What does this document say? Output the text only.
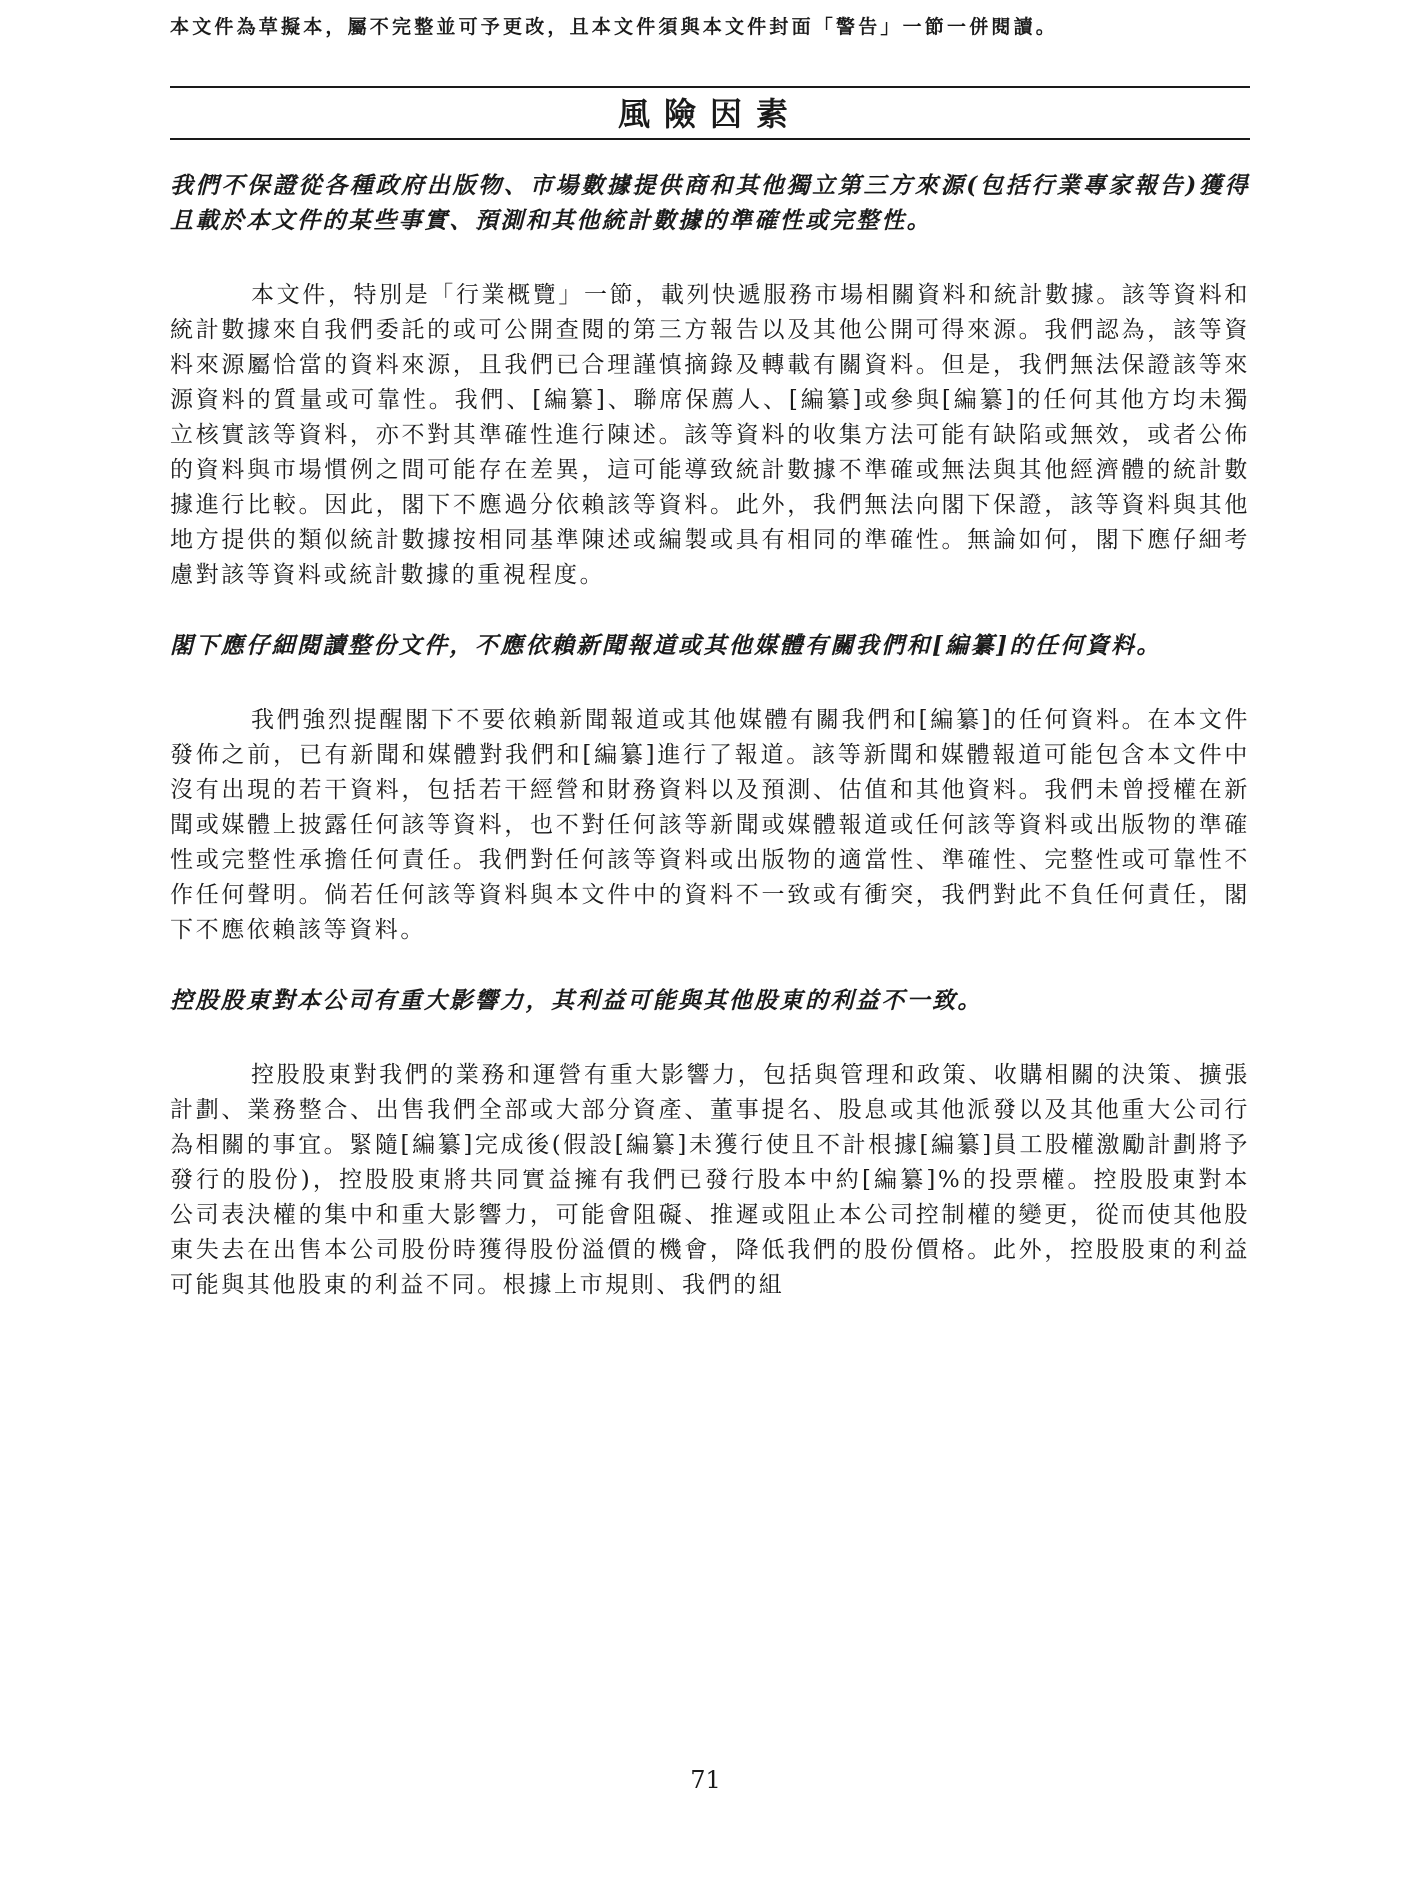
本文件為草擬本，屬不完整並可予更改，且本文件須與本文件封面「警告」一節一併閱讀。
風險因素

我們不保證從各種政府出版物、市場數據提供商和其他獨立第三方來源(包括行業專家報告)獲得且載於本文件的某些事實、預測和其他統計數據的準確性或完整性。

本文件，特別是「行業概覽」一節，載列快遞服務市場相關資料和統計數據。該等資料和統計數據來自我們委託的或可公開查閱的第三方報告以及其他公開可得來源。我們認為，該等資料來源屬恰當的資料來源，且我們已合理謹慎摘錄及轉載有關資料。但是，我們無法保證該等來源資料的質量或可靠性。我們、[編纂]、聯席保薦人、[編纂]或參與[編纂]的任何其他方均未獨立核實該等資料，亦不對其準確性進行陳述。該等資料的收集方法可能有缺陷或無效，或者公佈的資料與市場慣例之間可能存在差異，這可能導致統計數據不準確或無法與其他經濟體的統計數據進行比較。因此，閣下不應過分依賴該等資料。此外，我們無法向閣下保證，該等資料與其他地方提供的類似統計數據按相同基準陳述或編製或具有相同的準確性。無論如何，閣下應仔細考慮對該等資料或統計數據的重視程度。

閣下應仔細閱讀整份文件，不應依賴新聞報道或其他媒體有關我們和[編纂]的任何資料。

我們強烈提醒閣下不要依賴新聞報道或其他媒體有關我們和[編纂]的任何資料。在本文件發佈之前，已有新聞和媒體對我們和[編纂]進行了報道。該等新聞和媒體報道可能包含本文件中沒有出現的若干資料，包括若干經營和財務資料以及預測、估值和其他資料。我們未曾授權在新聞或媒體上披露任何該等資料，也不對任何該等新聞或媒體報道或任何該等資料或出版物的準確性或完整性承擔任何責任。我們對任何該等資料或出版物的適當性、準確性、完整性或可靠性不作任何聲明。倘若任何該等資料與本文件中的資料不一致或有衝突，我們對此不負任何責任，閣下不應依賴該等資料。

控股股東對本公司有重大影響力，其利益可能與其他股東的利益不一致。

控股股東對我們的業務和運營有重大影響力，包括與管理和政策、收購相關的決策、擴張計劃、業務整合、出售我們全部或大部分資產、董事提名、股息或其他派發以及其他重大公司行為相關的事宜。緊隨[編纂]完成後(假設[編纂]未獲行使且不計根據[編纂]員工股權激勵計劃將予發行的股份)，控股股東將共同實益擁有我們已發行股本中約[編纂]%的投票權。控股股東對本公司表決權的集中和重大影響力，可能會阻礙、推遲或阻止本公司控制權的變更，從而使其他股東失去在出售本公司股份時獲得股份溢價的機會，降低我們的股份價格。此外，控股股東的利益可能與其他股東的利益不同。根據上市規則、我們的組

71
